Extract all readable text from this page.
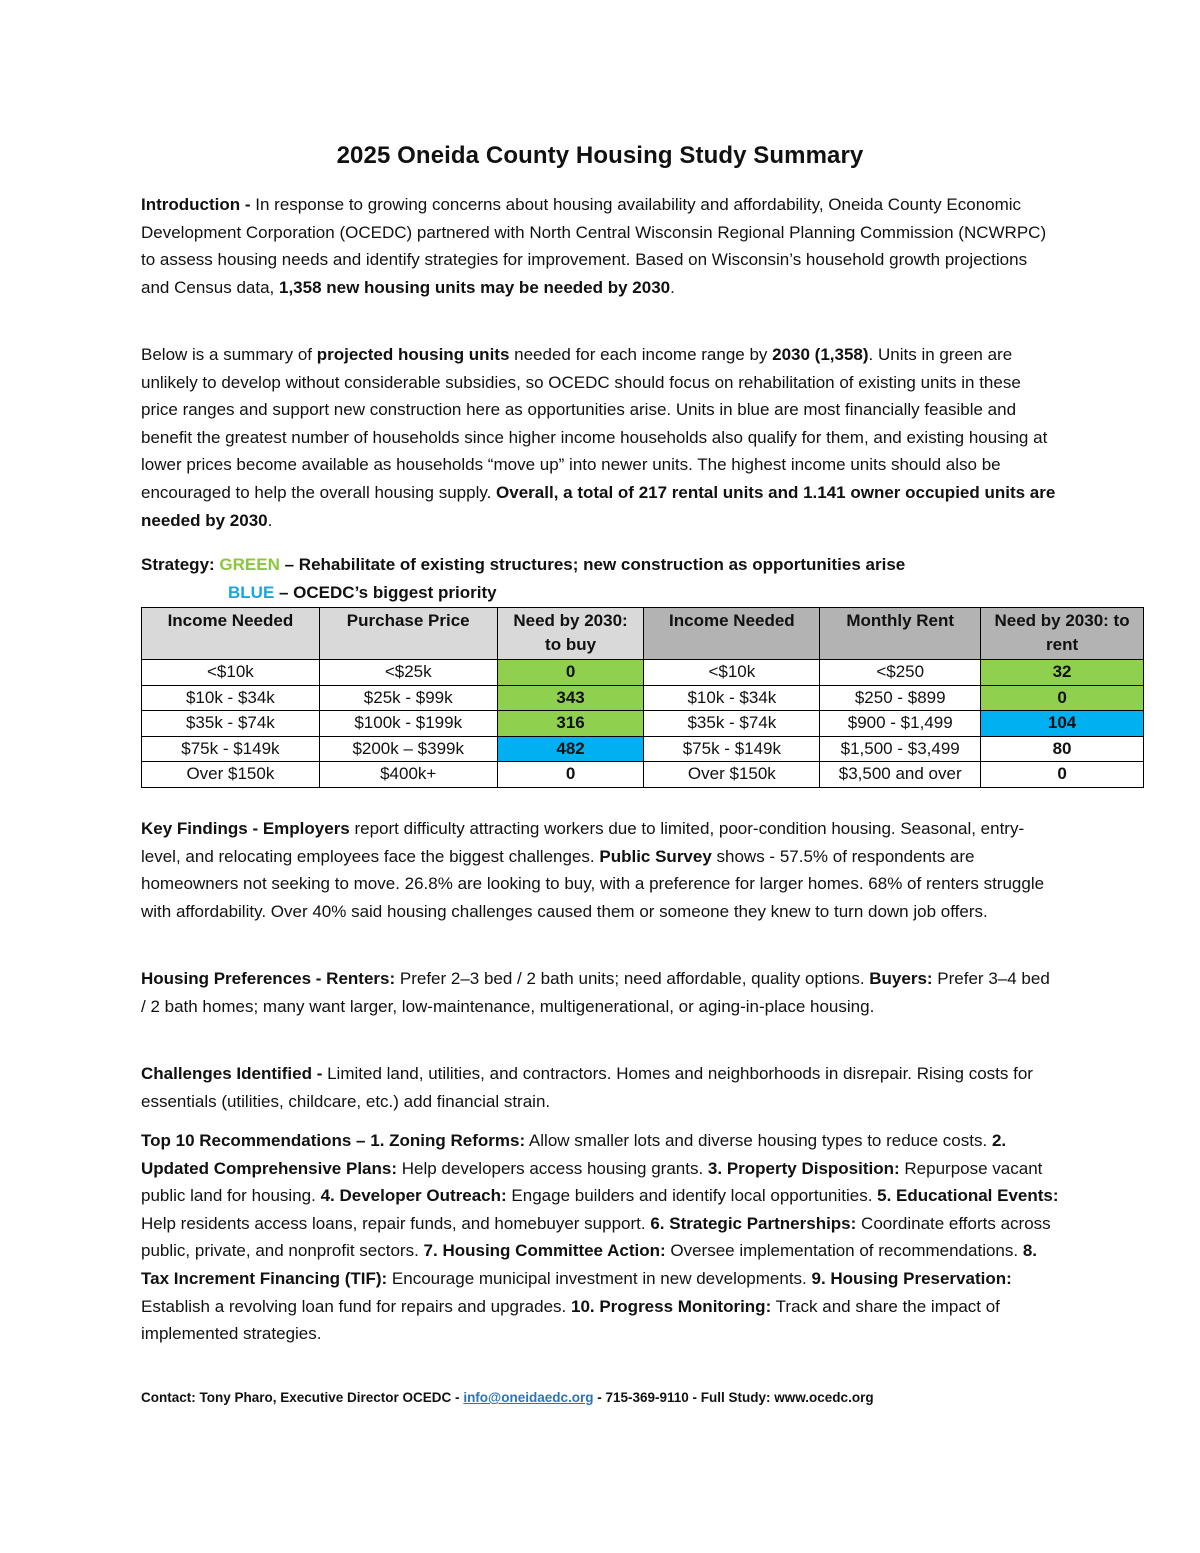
2025 Oneida County Housing Study Summary

Introduction - In response to growing concerns about housing availability and affordability, Oneida County Economic Development Corporation (OCEDC) partnered with North Central Wisconsin Regional Planning Commission (NCWRPC) to assess housing needs and identify strategies for improvement. Based on Wisconsin’s household growth projections and Census data, 1,358 new housing units may be needed by 2030.

Below is a summary of projected housing units needed for each income range by 2030 (1,358). Units in green are unlikely to develop without considerable subsidies, so OCEDC should focus on rehabilitation of existing units in these price ranges and support new construction here as opportunities arise. Units in blue are most financially feasible and benefit the greatest number of households since higher income households also qualify for them, and existing housing at lower prices become available as households “move up” into newer units. The highest income units should also be encouraged to help the overall housing supply. Overall, a total of 217 rental units and 1.141 owner occupied units are needed by 2030.

Strategy: GREEN – Rehabilitate of existing structures; new construction as opportunities arise
BLUE – OCEDC’s biggest priority
Income Needed	Purchase Price	Need by 2030: to buy	Income Needed	Monthly Rent	Need by 2030: to rent
<$10k	<$25k	0	<$10k	<$250	32
$10k - $34k	$25k - $99k	343	$10k - $34k	$250 - $899	0
$35k - $74k	$100k - $199k	316	$35k - $74k	$900 - $1,499	104
$75k - $149k	$200k – $399k	482	$75k - $149k	$1,500 - $3,499	80
Over $150k	$400k+	0	Over $150k	$3,500 and over	0

Key Findings - Employers report difficulty attracting workers due to limited, poor-condition housing. Seasonal, entry-level, and relocating employees face the biggest challenges. Public Survey shows - 57.5% of respondents are homeowners not seeking to move. 26.8% are looking to buy, with a preference for larger homes. 68% of renters struggle with affordability. Over 40% said housing challenges caused them or someone they knew to turn down job offers.

Housing Preferences - Renters: Prefer 2–3 bed / 2 bath units; need affordable, quality options. Buyers: Prefer 3–4 bed / 2 bath homes; many want larger, low-maintenance, multigenerational, or aging-in-place housing.

Challenges Identified - Limited land, utilities, and contractors. Homes and neighborhoods in disrepair. Rising costs for essentials (utilities, childcare, etc.) add financial strain.

Top 10 Recommendations – 1. Zoning Reforms: Allow smaller lots and diverse housing types to reduce costs. 2. Updated Comprehensive Plans: Help developers access housing grants. 3. Property Disposition: Repurpose vacant public land for housing. 4. Developer Outreach: Engage builders and identify local opportunities. 5. Educational Events: Help residents access loans, repair funds, and homebuyer support. 6. Strategic Partnerships: Coordinate efforts across public, private, and nonprofit sectors. 7. Housing Committee Action: Oversee implementation of recommendations. 8. Tax Increment Financing (TIF): Encourage municipal investment in new developments. 9. Housing Preservation: Establish a revolving loan fund for repairs and upgrades. 10. Progress Monitoring: Track and share the impact of implemented strategies.

Contact: Tony Pharo, Executive Director OCEDC - info@oneidaedc.org - 715-369-9110 - Full Study: www.ocedc.org
